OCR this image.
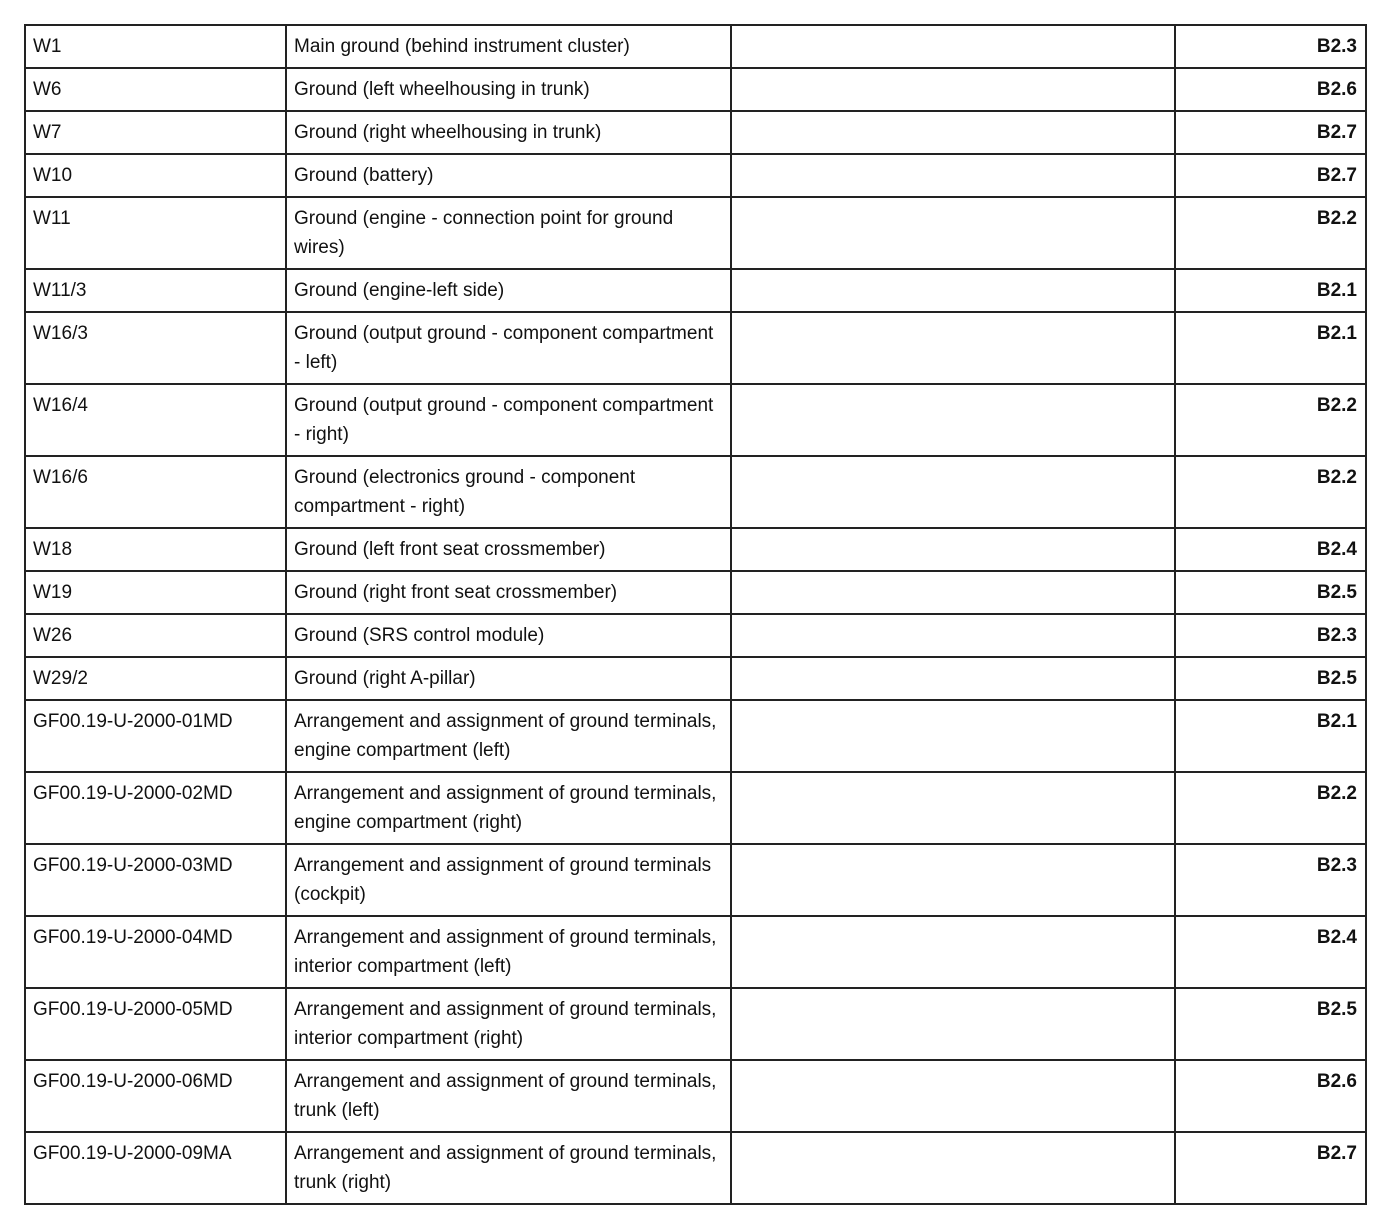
W1	Main ground (behind instrument cluster)		B2.3
W6	Ground (left wheelhousing in trunk)		B2.6
W7	Ground (right wheelhousing in trunk)		B2.7
W10	Ground (battery)		B2.7
W11	Ground (engine - connection point for ground wires)		B2.2
W11/3	Ground (engine-left side)		B2.1
W16/3	Ground (output ground - component compartment - left)		B2.1
W16/4	Ground (output ground - component compartment - right)		B2.2
W16/6	Ground (electronics ground - component compartment - right)		B2.2
W18	Ground (left front seat crossmember)		B2.4
W19	Ground (right front seat crossmember)		B2.5
W26	Ground (SRS control module)		B2.3
W29/2	Ground (right A-pillar)		B2.5
GF00.19-U-2000-01MD	Arrangement and assignment of ground terminals, engine compartment (left)		B2.1
GF00.19-U-2000-02MD	Arrangement and assignment of ground terminals, engine compartment (right)		B2.2
GF00.19-U-2000-03MD	Arrangement and assignment of ground terminals (cockpit)		B2.3
GF00.19-U-2000-04MD	Arrangement and assignment of ground terminals, interior compartment (left)		B2.4
GF00.19-U-2000-05MD	Arrangement and assignment of ground terminals, interior compartment (right)		B2.5
GF00.19-U-2000-06MD	Arrangement and assignment of ground terminals, trunk (left)		B2.6
GF00.19-U-2000-09MA	Arrangement and assignment of ground terminals, trunk (right)		B2.7
